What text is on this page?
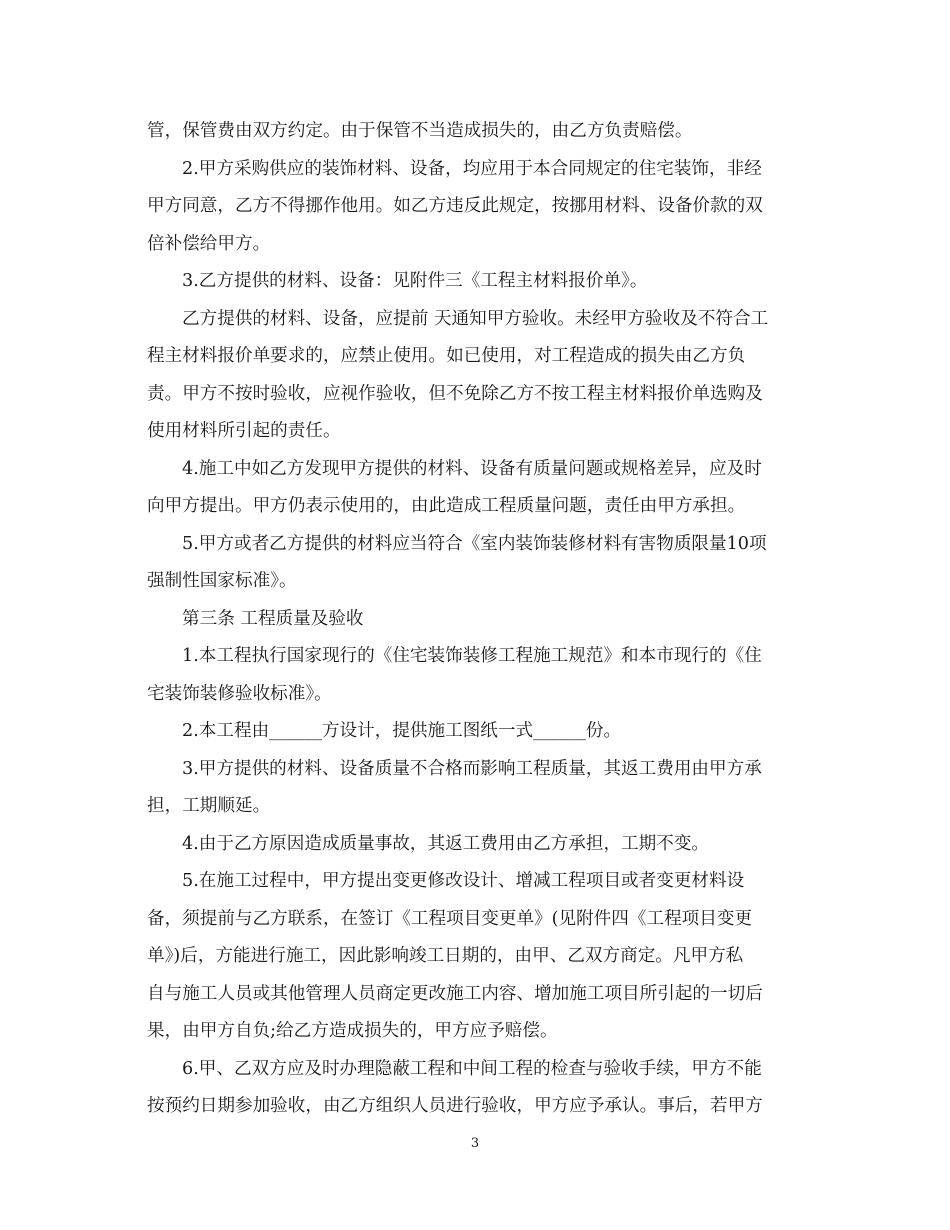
管，保管费由双方约定。由于保管不当造成损失的，由乙方负责赔偿。
2.甲方采购供应的装饰材料、设备，均应用于本合同规定的住宅装饰，非经
甲方同意，乙方不得挪作他用。如乙方违反此规定，按挪用材料、设备价款的双
倍补偿给甲方。
3.乙方提供的材料、设备：见附件三《工程主材料报价单》。
乙方提供的材料、设备，应提前 天通知甲方验收。未经甲方验收及不符合工
程主材料报价单要求的，应禁止使用。如已使用，对工程造成的损失由乙方负
责。甲方不按时验收，应视作验收，但不免除乙方不按工程主材料报价单选购及
使用材料所引起的责任。
4.施工中如乙方发现甲方提供的材料、设备有质量问题或规格差异，应及时
向甲方提出。甲方仍表示使用的，由此造成工程质量问题，责任由甲方承担。
5.甲方或者乙方提供的材料应当符合《室内装饰装修材料有害物质限量10项
强制性国家标准》。
第三条 工程质量及验收
1.本工程执行国家现行的《住宅装饰装修工程施工规范》和本市现行的《住
宅装饰装修验收标准》。
2.本工程由______方设计，提供施工图纸一式______份。
3.甲方提供的材料、设备质量不合格而影响工程质量，其返工费用由甲方承
担，工期顺延。
4.由于乙方原因造成质量事故，其返工费用由乙方承担，工期不变。
5.在施工过程中，甲方提出变更修改设计、增减工程项目或者变更材料设
备，须提前与乙方联系，在签订《工程项目变更单》(见附件四《工程项目变更
单》)后，方能进行施工，因此影响竣工日期的，由甲、乙双方商定。凡甲方私
自与施工人员或其他管理人员商定更改施工内容、增加施工项目所引起的一切后
果，由甲方自负;给乙方造成损失的，甲方应予赔偿。
6.甲、乙双方应及时办理隐蔽工程和中间工程的检查与验收手续，甲方不能
按预约日期参加验收，由乙方组织人员进行验收，甲方应予承认。事后，若甲方
3
